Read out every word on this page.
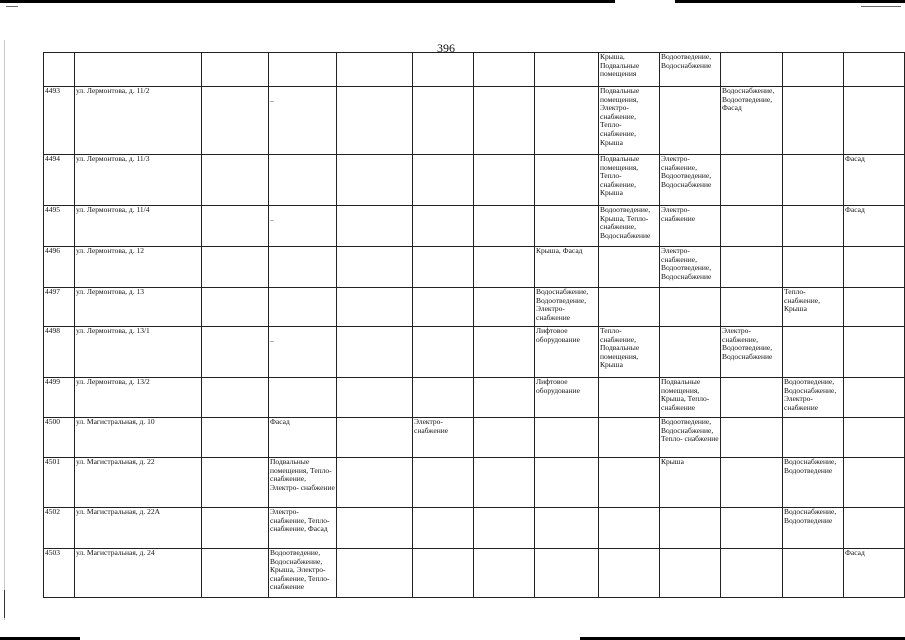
396

								Крыша, Подвальные помещения	Водоотведение, Водоснабжение			

4493	ул. Лермонтова, д. 11/2		–					Подвальные помещения, Электро- снабжение, Тепло- снабжение, Крыша		Водоснабжение, Водоотведение, Фасад		

4494	ул. Лермонтова, д. 11/3							Подвальные помещения, Тепло- снабжение, Крыша	Электро- снабжение, Водоотведение, Водоснабжение			Фасад

4495	ул. Лермонтова, д. 11/4		–					Водоотведение, Крыша, Тепло- снабжение, Водоснабжение	Электро- снабжение			Фасад

4496	ул. Лермонтова, д. 12						Крыша, Фасад		Электро- снабжение, Водоотведение, Водоснабжение			

4497	ул. Лермонтова, д. 13						Водоснабжение, Водоотведение, Электро- снабжение				Тепло- снабжение, Крыша	

4498	ул. Лермонтова, д. 13/1		–				Лифтовое оборудование	Тепло- снабжение, Подвальные помещения, Крыша		Электро- снабжение, Водоотведение, Водоснабжение		

4499	ул. Лермонтова, д. 13/2						Лифтовое оборудование		Подвальные помещения, Крыша, Тепло- снабжение		Водоотведение, Водоснабжение, Электро- снабжение	

4500	ул. Магистральная, д. 10		Фасад		Электро- снабжение				Водоотведение, Водоснабжение, Тепло- снабжение			

4501	ул. Магистральная, д. 22		Подвальные помещения, Тепло-снабжение, Электро- снабжение						Крыша		Водоснабжение, Водоотведение	

4502	ул. Магистральная, д. 22А		Электро- снабжение, Тепло-снабжение, Фасад								Водоснабжение, Водоотведение	

4503	ул. Магистральная, д. 24		Водоотведение, Водоснабжение, Крыша, Электро- снабжение, Тепло-снабжение									Фасад
